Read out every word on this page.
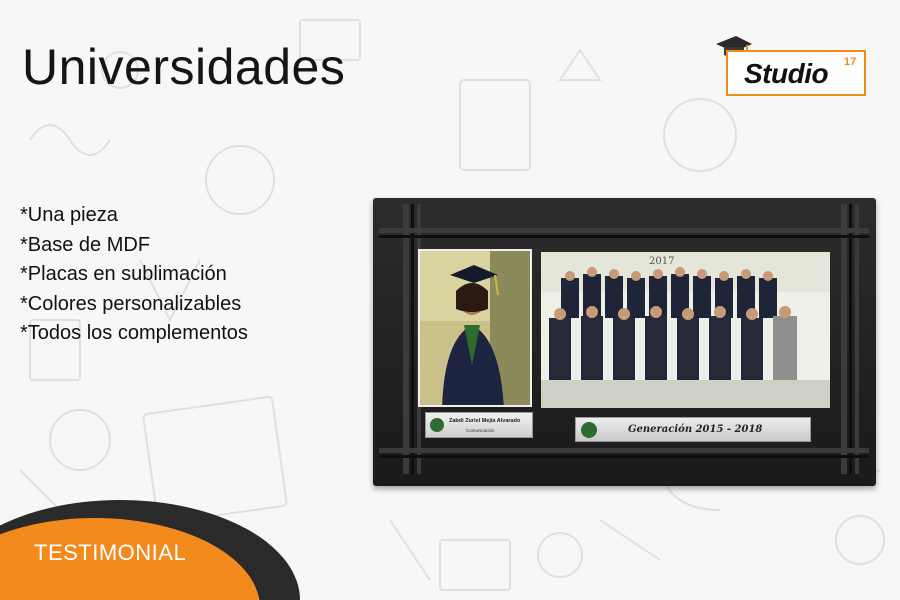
Universidades	Studio 17
*Una pieza
*Base de MDF
*Placas en sublimación
*Colores personalizables
*Todos los complementos
2017
Zabdi Zuriel Mejía Alvarado
Comunicación	Generación 2015 - 2018
TESTIMONIAL
